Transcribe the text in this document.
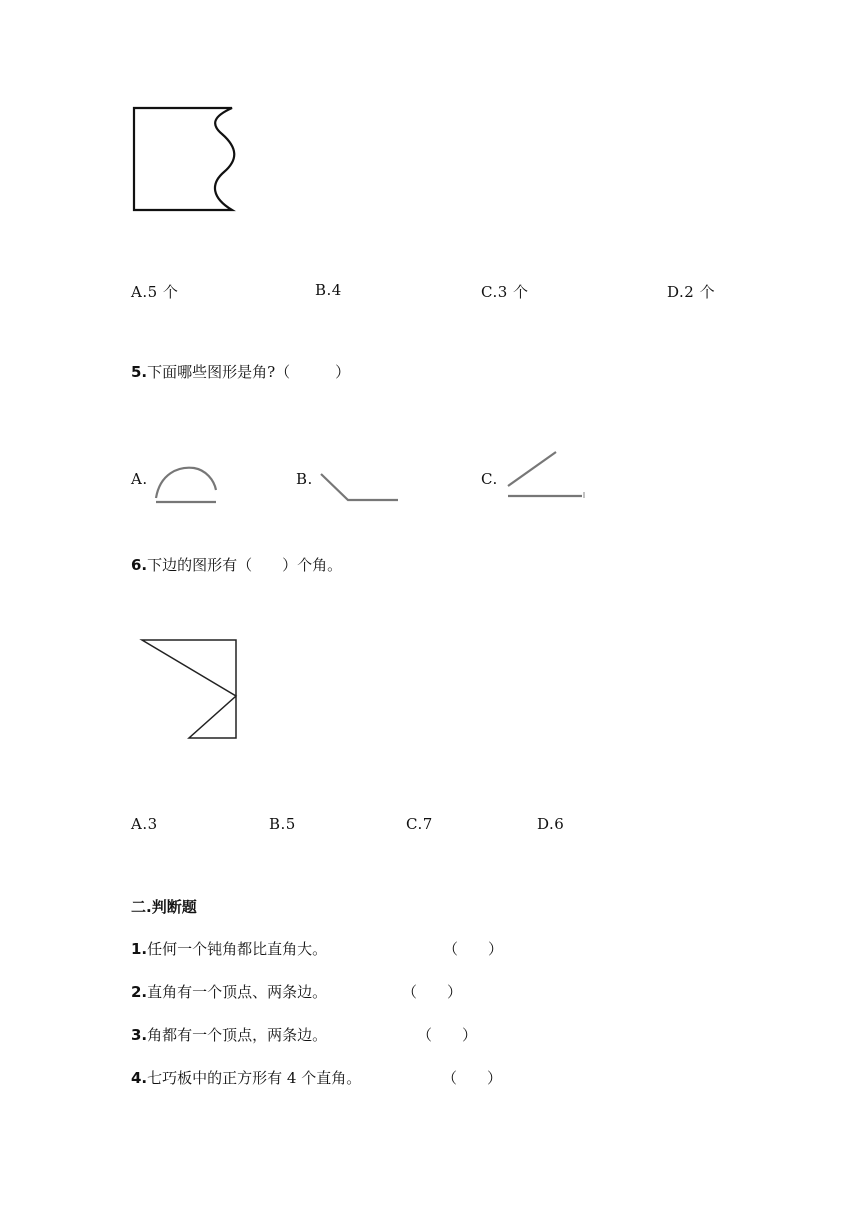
A.5 个	B.4	C.3 个	D.2 个
5.下面哪些图形是角?（　　　）
A.	B.	C.
6.下边的图形有（　　）个角。
A.3	B.5	C.7	D.6
二.判断题
1.任何一个钝角都比直角大。	（　　）
2.直角有一个顶点、两条边。	（　　）
3.角都有一个顶点，两条边。	（　　）
4.七巧板中的正方形有 4 个直角。	（　　）
